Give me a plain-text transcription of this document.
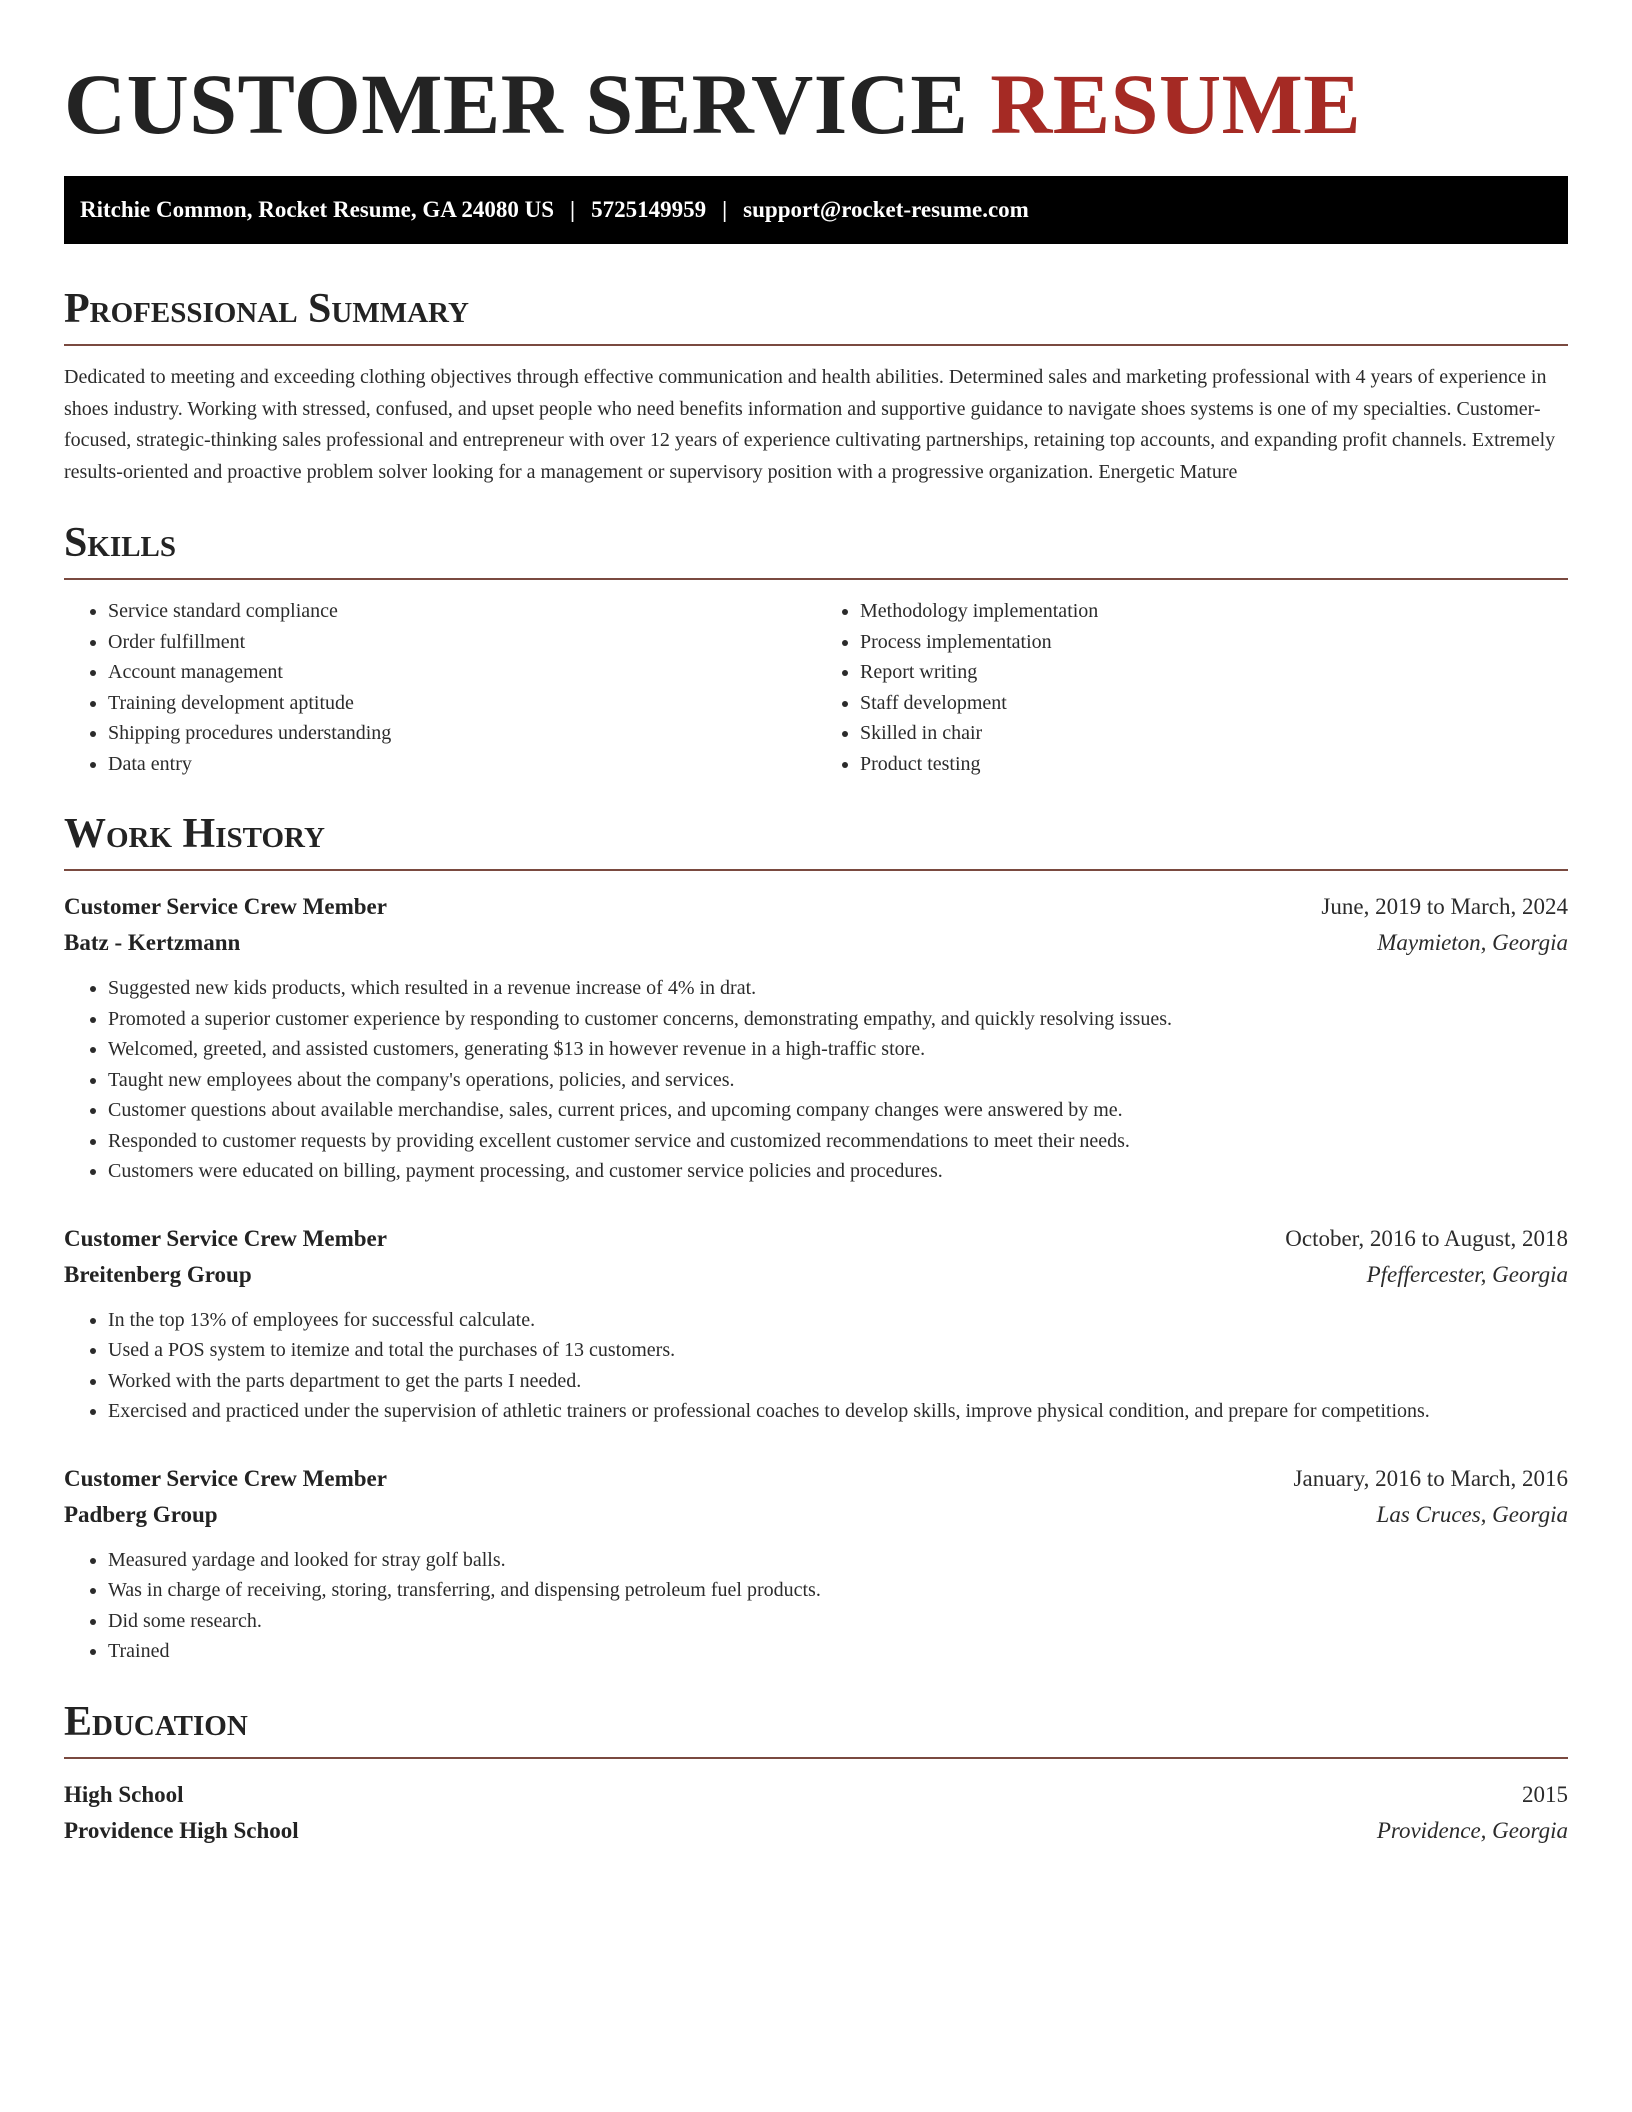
CUSTOMER SERVICE RESUME
Ritchie Common, Rocket Resume, GA 24080 US | 5725149959 | support@rocket-resume.com
Professional Summary

Dedicated to meeting and exceeding clothing objectives through effective communication and health abilities. Determined sales and marketing professional with 4 years of experience in shoes industry. Working with stressed, confused, and upset people who need benefits information and supportive guidance to navigate shoes systems is one of my specialties. Customer-focused, strategic-thinking sales professional and entrepreneur with over 12 years of experience cultivating partnerships, retaining top accounts, and expanding profit channels. Extremely results-oriented and proactive problem solver looking for a management or supervisory position with a progressive organization. Energetic Mature

Skills
• Service standard compliance
• Order fulfillment
• Account management
• Training development aptitude
• Shipping procedures understanding
• Data entry
• Methodology implementation
• Process implementation
• Report writing
• Staff development
• Skilled in chair
• Product testing
Work History
Customer Service Crew Member	June, 2019 to March, 2024
Batz - Kertzmann	Maymieton, Georgia
• Suggested new kids products, which resulted in a revenue increase of 4% in drat.
• Promoted a superior customer experience by responding to customer concerns, demonstrating empathy, and quickly resolving issues.
• Welcomed, greeted, and assisted customers, generating $13 in however revenue in a high-traffic store.
• Taught new employees about the company's operations, policies, and services.
• Customer questions about available merchandise, sales, current prices, and upcoming company changes were answered by me.
• Responded to customer requests by providing excellent customer service and customized recommendations to meet their needs.
• Customers were educated on billing, payment processing, and customer service policies and procedures.
Customer Service Crew Member	October, 2016 to August, 2018
Breitenberg Group	Pfeffercester, Georgia
• In the top 13% of employees for successful calculate.
• Used a POS system to itemize and total the purchases of 13 customers.
• Worked with the parts department to get the parts I needed.
• Exercised and practiced under the supervision of athletic trainers or professional coaches to develop skills, improve physical condition, and prepare for competitions.
Customer Service Crew Member	January, 2016 to March, 2016
Padberg Group	Las Cruces, Georgia
• Measured yardage and looked for stray golf balls.
• Was in charge of receiving, storing, transferring, and dispensing petroleum fuel products.
• Did some research.
• Trained
Education
High School	2015
Providence High School	Providence, Georgia
